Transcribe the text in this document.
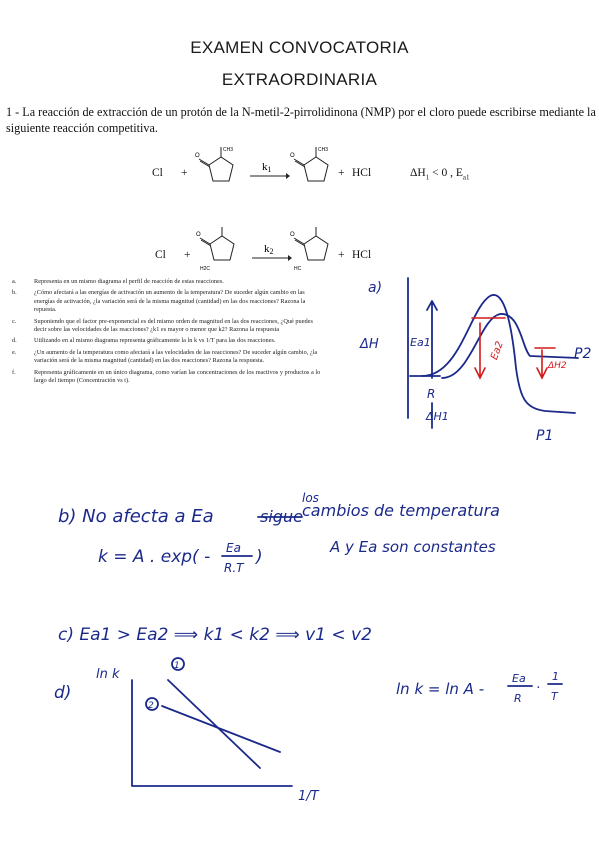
EXAMEN CONVOCATORIA
EXTRAORDINARIA
1 - La reacción de extracción de un protón de la N-metil-2-pirrolidinona (NMP) por el cloro puede escribirse mediante la siguiente reacción competitiva.
Cl +
O
CH3
k1
O
CH3
+ HCl	$\Delta H_1 < 0$ , $E_{a1}$
Cl +
O
H2C
k2
O
HC
+ HCl
a.	Representa en un mismo diagrama el perfil de reacción de estas reacciones.
b.	¿Cómo afectará a las energías de activación un aumento de la temperatura? De suceder algún cambio en las energías de activación, ¿la variación será de la misma magnitud (cantidad) en las dos reacciones? Razona la repuesta.
c.	Suponiendo que el factor pre-exponencial es del mismo orden de magnitud en las dos reacciones, ¿Qué puedes decir sobre las velocidades de las reacciones? ¿k1 es mayor o menor que k2? Razona la respuesta
d.	Utilizando en al mismo diagrama representa gráficamente la ln k vs 1/T para las dos reacciones.
e.	¿Un aumento de la temperatura como afectará a las velocidades de las reacciones? De suceder algún cambio, ¿la variación será de la misma magnitud (cantidad) en las dos reacciones? Razona la respuesta.
f.	Representa gráficamente en un único diagrama, como varían las concentraciones de los reactivos y productos a lo largo del tiempo (Concentración vs t).
a)
ΔH	Ea1
R
ΔH1
Ea2
ΔH2
P2
P1
b) No afecta a Ea	sigue
los
cambios de temperatura
k = A . exp( - Ea
R.T
)	A y Ea son constantes
c) Ea1 > Ea2 ⟹ k1 < k2 ⟹ v1 < v2
d)
ln k
1
2
1/T
ln k = ln A -
Ea
R
·
1
T
